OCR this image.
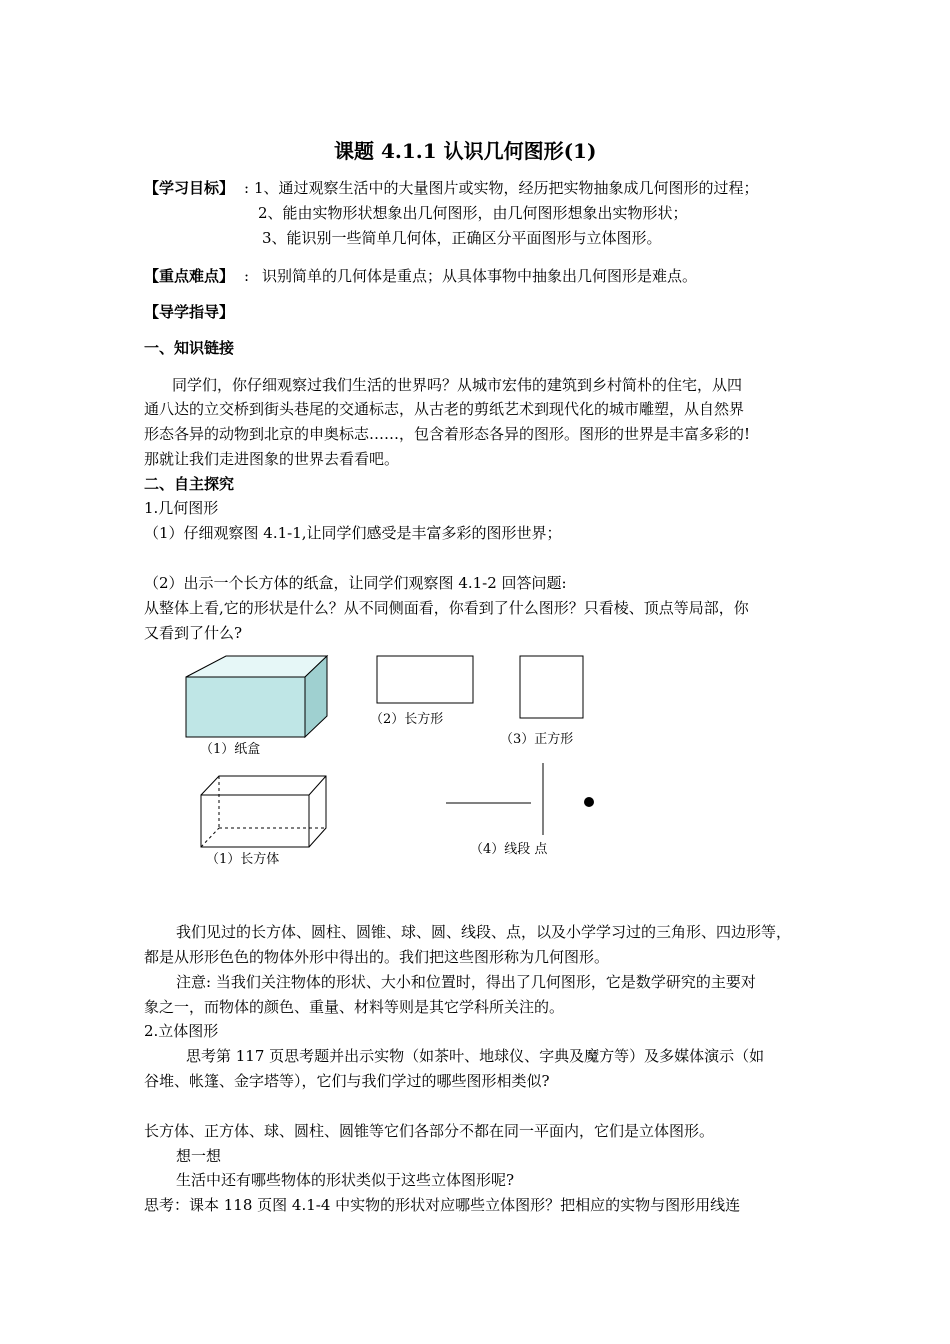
课题 4.1.1 认识几何图形(1)
【学习目标】 : 1、通过观察生活中的大量图片或实物，经历把实物抽象成几何图形的过程；
2、能由实物形状想象出几何图形，由几何图形想象出实物形状；
3、能识别一些简单几何体，正确区分平面图形与立体图形。
【重点难点】 : 识别简单的几何体是重点；从具体事物中抽象出几何图形是难点。
【导学指导】
一、知识链接
同学们，你仔细观察过我们生活的世界吗？从城市宏伟的建筑到乡村简朴的住宅，从四
通八达的立交桥到街头巷尾的交通标志，从古老的剪纸艺术到现代化的城市雕塑，从自然界
形态各异的动物到北京的申奥标志……，包含着形态各异的图形。图形的世界是丰富多彩的!
那就让我们走进图象的世界去看看吧。
二、自主探究
1.几何图形
（1）仔细观察图 4.1-1,让同学们感受是丰富多彩的图形世界；
（2）出示一个长方体的纸盒，让同学们观察图 4.1-2 回答问题:
从整体上看,它的形状是什么？从不同侧面看，你看到了什么图形？只看棱、顶点等局部，你
又看到了什么?
（1）纸盒
（2）长方形
（3）正方形
（1）长方体
（4）线段 点
我们见过的长方体、圆柱、圆锥、球、圆、线段、点，以及小学学习过的三角形、四边形等，
都是从形形色色的物体外形中得出的。我们把这些图形称为几何图形。
注意: 当我们关注物体的形状、大小和位置时，得出了几何图形，它是数学研究的主要对
象之一，而物体的颜色、重量、材料等则是其它学科所关注的。
2.立体图形
思考第 117 页思考题并出示实物（如茶叶、地球仪、字典及魔方等）及多媒体演示（如
谷堆、帐篷、金字塔等），它们与我们学过的哪些图形相类似?
长方体、正方体、球、圆柱、圆锥等它们各部分不都在同一平面内，它们是立体图形。
想一想
生活中还有哪些物体的形状类似于这些立体图形呢?
思考：课本 118 页图 4.1-4 中实物的形状对应哪些立体图形？把相应的实物与图形用线连
